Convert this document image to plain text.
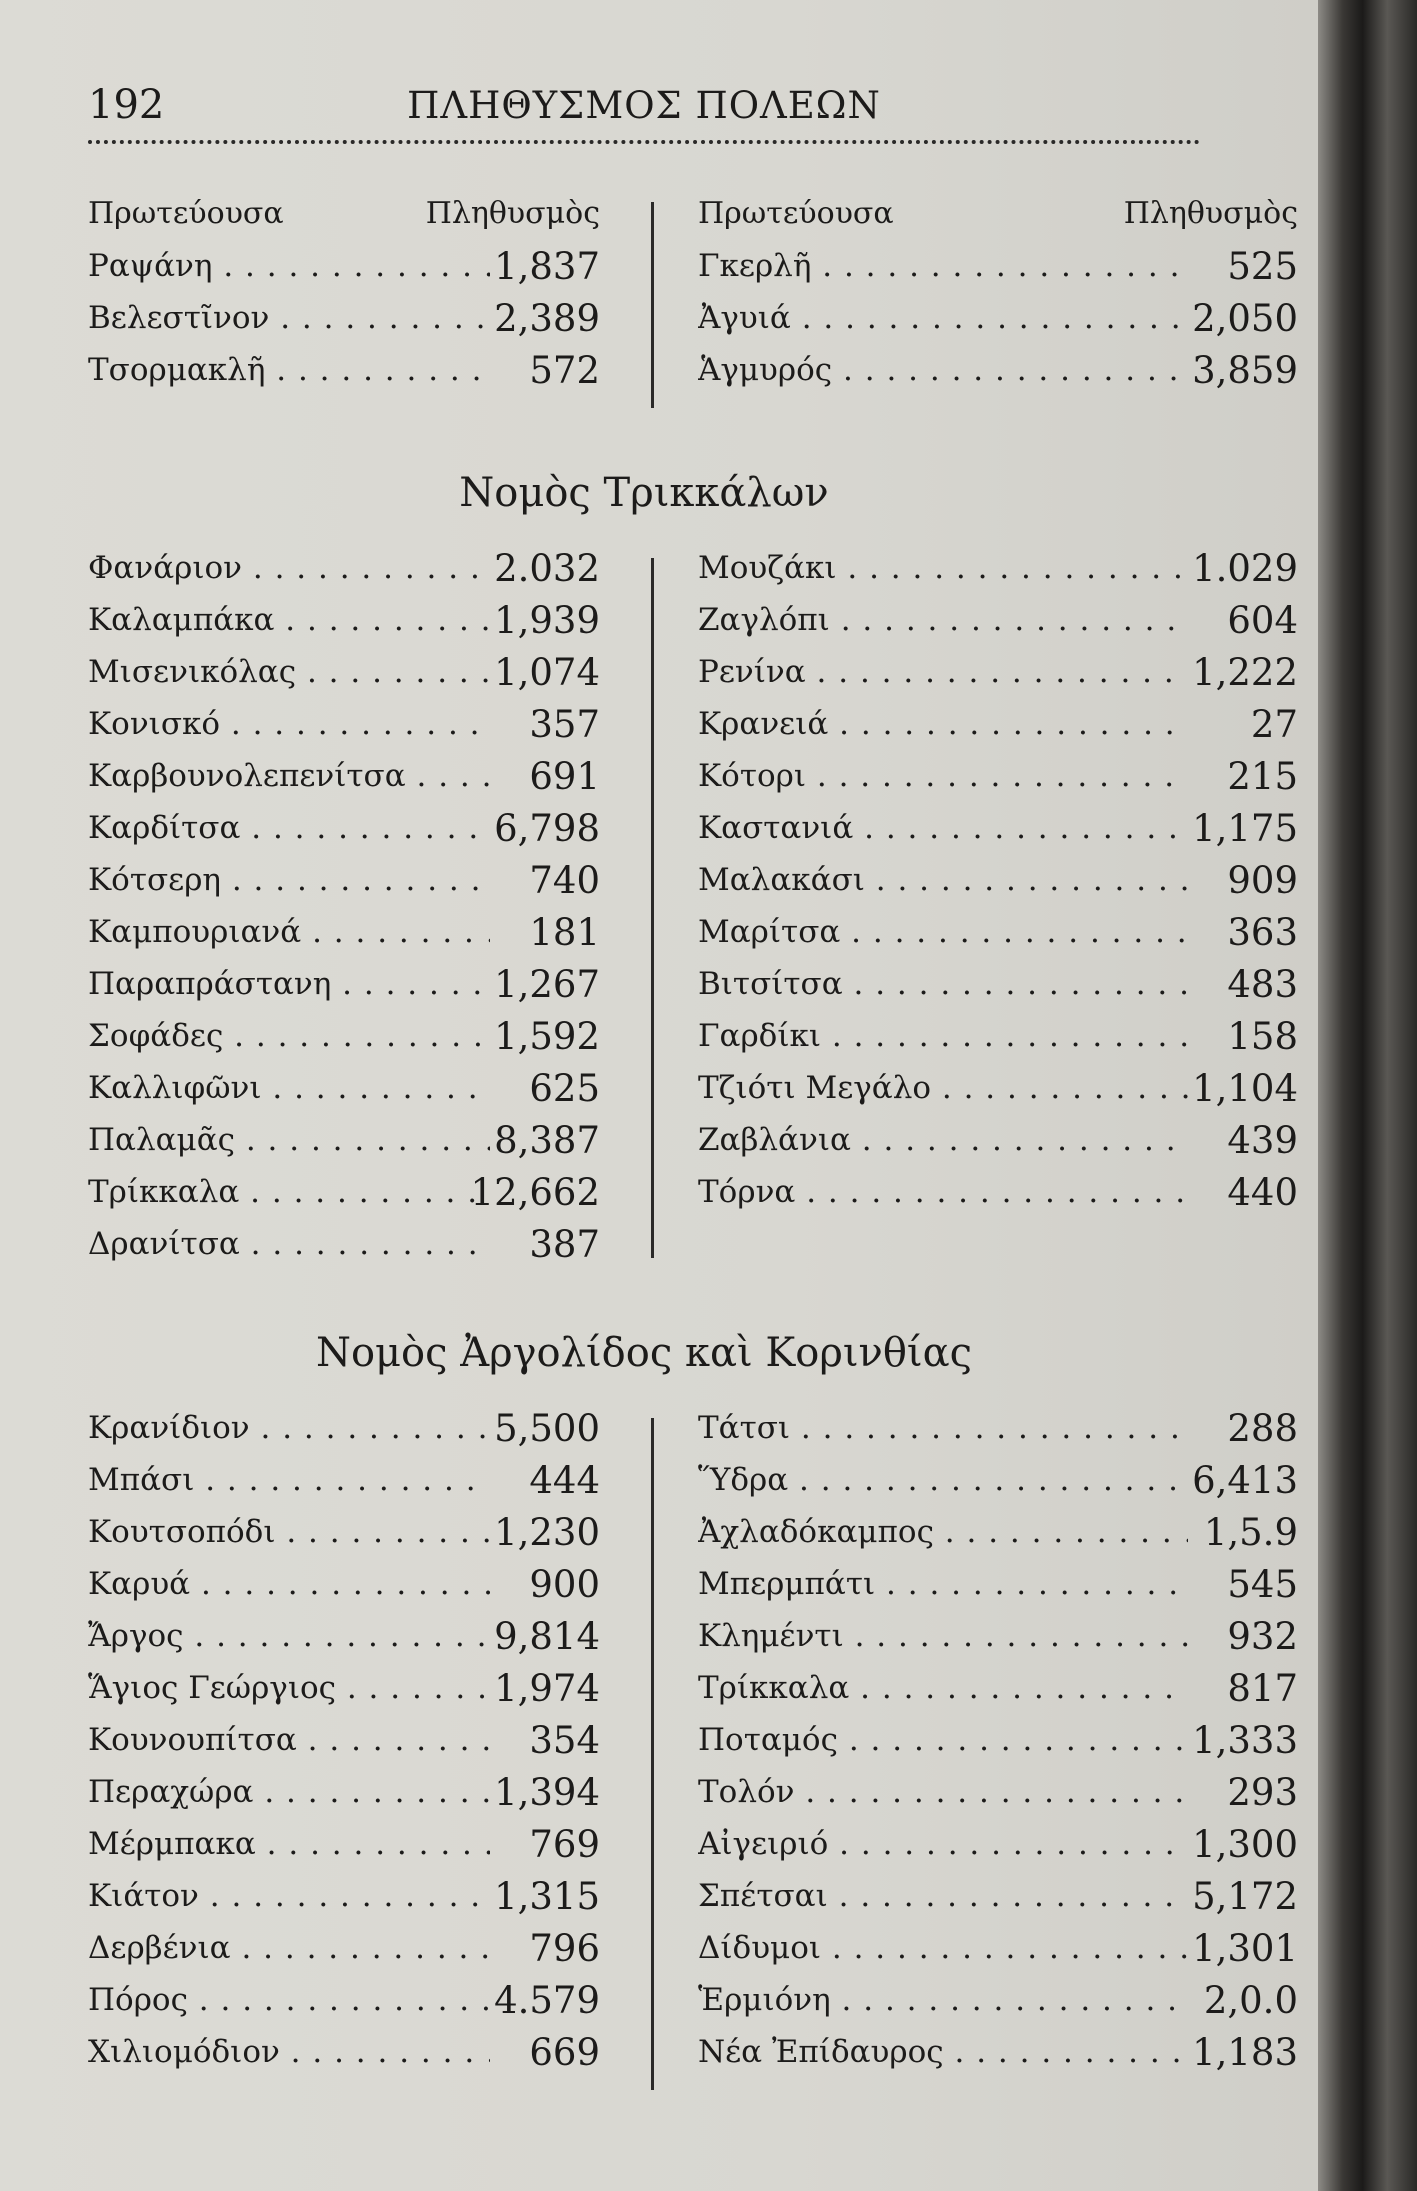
192	ΠΛΗΘΥΣΜΟΣ ΠΟΛΕΩΝ
Πρωτεύουσα	Πληθυσμὸς
Ραψάνη . . .	1,837
Βελεστῖνον . . .	2,389
Τσορμακλῆ . . .	572
Πρωτεύουσα	Πληθυσμὸς
Γκερλῆ . . .	525
Ἀγυιά . . .	2,050
Ἁγμυρός . . .	3,859
Νομὸς Τρικκάλων
Φανάριον . . .	2.032
Καλαμπάκα . . .	1,939
Μισενικόλας . . .	1,074
Κονισκό . . .	357
Καρβουνολεπενίτσα . . .	691
Καρδίτσα . . .	6,798
Κότσερη . . .	740
Καμπουριανά . . .	181
Παραπράστανη . . .	1,267
Σοφάδες . . .	1,592
Καλλιφῶνι . . .	625
Παλαμᾶς . . .	8,387
Τρίκκαλα . . .	12,662
Δρανίτσα . . .	387
Μουζάκι . . .	1.029
Ζαγλόπι . . .	604
Ρενίνα . . .	1,222
Κρανειά . . .	27
Κότορι . . .	215
Καστανιά . . .	1,175
Μαλακάσι . . .	909
Μαρίτσα . . .	363
Βιτσίτσα . . .	483
Γαρδίκι . . .	158
Τζιότι Μεγάλο . . .	1,104
Ζαβλάνια . . .	439
Τόρνα . . .	440
Νομὸς Ἀργολίδος καὶ Κορινθίας
Κρανίδιον . . .	5,500
Μπάσι . . .	444
Κουτσοπόδι . . .	1,230
Καρυά . . .	900
Ἄργος . . .	9,814
Ἅγιος Γεώργιος . . .	1,974
Κουνουπίτσα . . .	354
Περαχώρα . . .	1,394
Μέρμπακα . . .	769
Κιάτον . . .	1,315
Δερβένια . . .	796
Πόρος . . .	4.579
Χιλιομόδιον . . .	669
Τάτσι . . .	288
Ὕδρα . . .	6,413
Ἀχλαδόκαμπος . . .	1,5.9
Μπερμπάτι . . .	545
Κλημέντι . . .	932
Τρίκκαλα . . .	817
Ποταμός . . .	1,333
Τολόν . . .	293
Αἰγειριό . . .	1,300
Σπέτσαι . . .	5,172
Δίδυμοι . . .	1,301
Ἑρμιόνη . . .	2,0.0
Νέα Ἐπίδαυρος . . .	1,183
